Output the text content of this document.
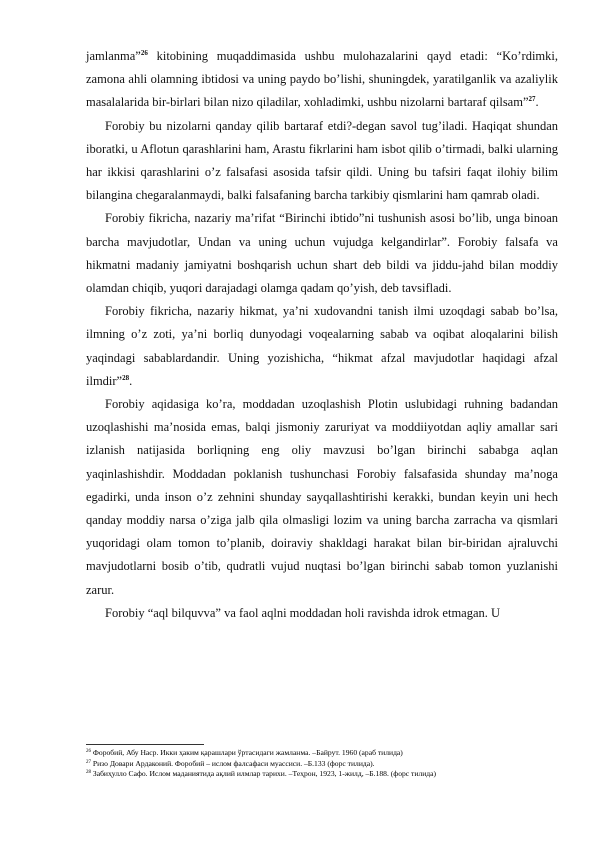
jamlanma”$^{26}$ kitobining muqaddimasida ushbu mulohazalarini qayd etadi: “Ko’rdimki, zamona ahli olamning ibtidosi va uning paydo bo’lishi, shuningdek, yaratilganlik va azaliylik masalalarida bir-birlari bilan nizo qiladilar, xohladimki, ushbu nizolarni bartaraf qilsam”$^{27}$.

Forobiy bu nizolarni qanday qilib bartaraf etdi?-degan savol tug’iladi. Haqiqat shundan iboratki, u Aflotun qarashlarini ham, Arastu fikrlarini ham isbot qilib o’tirmadi, balki ularning har ikkisi qarashlarini o’z falsafasi asosida tafsir qildi. Uning bu tafsiri faqat ilohiy bilim bilangina chegaralanmaydi, balki falsafaning barcha tarkibiy qismlarini ham qamrab oladi.

Forobiy fikricha, nazariy ma’rifat “Birinchi ibtido”ni tushunish asosi bo’lib, unga binoan barcha mavjudotlar, Undan va uning uchun vujudga kelgandirlar”. Forobiy falsafa va hikmatni madaniy jamiyatni boshqarish uchun shart deb bildi va jiddu-jahd bilan moddiy olamdan chiqib, yuqori darajadagi olamga qadam qo’yish, deb tavsifladi.

Forobiy fikricha, nazariy hikmat, ya’ni xudovandni tanish ilmi uzoqdagi sabab bo’lsa, ilmning o’z zoti, ya’ni borliq dunyodagi voqealarning sabab va oqibat aloqalarini bilish yaqindagi sabablardandir. Uning yozishicha, “hikmat afzal mavjudotlar haqidagi afzal ilmdir”$^{28}$.

Forobiy aqidasiga ko’ra, moddadan uzoqlashish Plotin uslubidagi ruhning badandan uzoqlashishi ma’nosida emas, balqi jismoniy zaruriyat va moddiiyotdan aqliy amallar sari izlanish natijasida borliqning eng oliy mavzusi bo’lgan birinchi sababga aqlan yaqinlashishdir. Moddadan poklanish tushunchasi Forobiy falsafasida shunday ma’noga egadirki, unda inson o’z zehnini shunday sayqallashtirishi kerakki, bundan keyin uni hech qanday moddiy narsa o’ziga jalb qila olmasligi lozim va uning barcha zarracha va qismlari yuqoridagi olam tomon to’planib, doiraviy shakldagi harakat bilan bir-biridan ajraluvchi mavjudotlarni bosib o’tib, qudratli vujud nuqtasi bo’lgan birinchi sabab tomon yuzlanishi zarur.

Forobiy “aql bilquvva” va faol aqlni moddadan holi ravishda idrok etmagan. U

$^{26}$ Форобий, Абу Наср. Икки ҳаким қарашлари ўртасидаги жамланма. –Байрут. 1960 (араб тилида)

$^{27}$ Ризо Довари Ардаконий. Форобий – ислом фалсафаси муассиси. –Б.133 (форс тилида).

$^{28}$ Забиҳулло Сафо. Ислом маданиятида ақлий илмлар тарихи. –Теҳрон, 1923, 1-жилд, –Б.188. (форс тилида)
